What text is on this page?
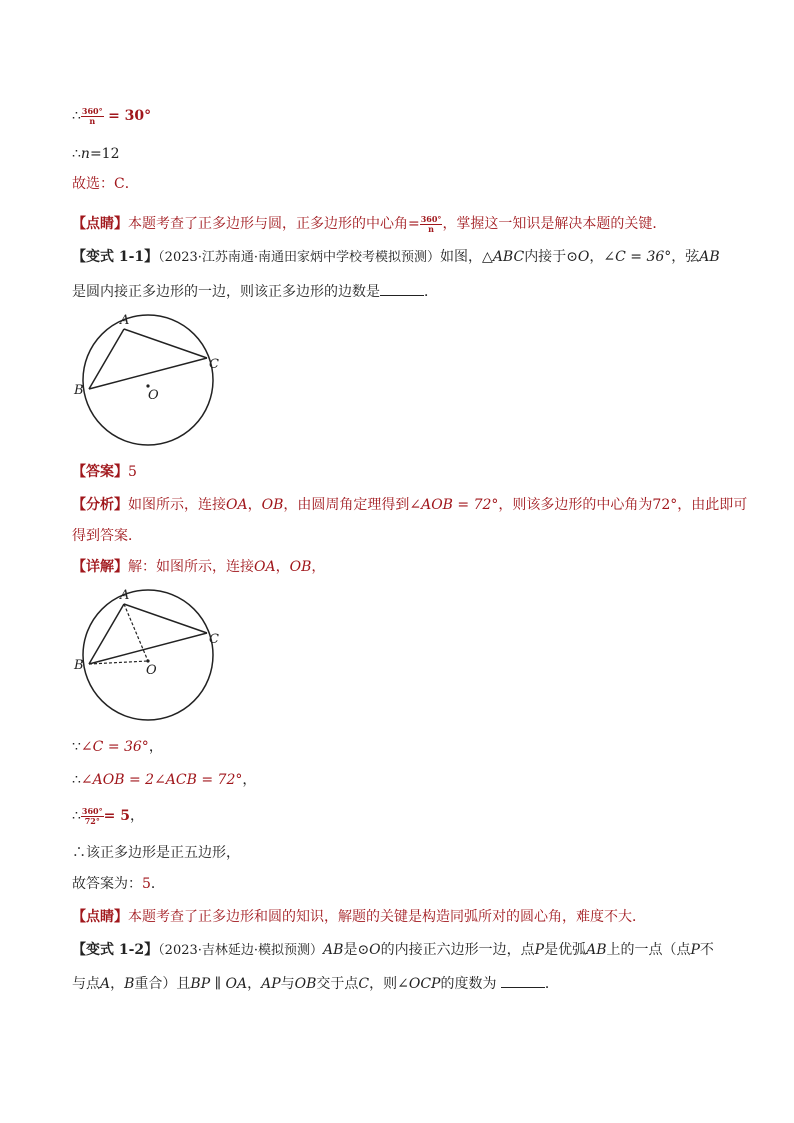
∴ $\frac{360^\circ}{n} = 30^\circ$
∴n=12
故选：C．
【点睛】本题考查了正多边形与圆，正多边形的中心角= $\frac{360^\circ}{n}$ ，掌握这一知识是解决本题的关键．
【变式 1-1】（2023·江苏南通·南通田家炳中学校考模拟预测）如图，△ABC内接于⊙O，∠C = 36°，弦AB
是圆内接正多边形的一边，则该正多边形的边数是	．
A
B
C
O
【答案】5
【分析】如图所示，连接OA，OB，由圆周角定理得到∠AOB = 72°，则该多边形的中心角为72°，由此即可
得到答案．
【详解】解：如图所示，连接OA，OB，
A
B
C
O
∵∠C = 36°，
∴∠AOB = 2∠ACB = 72°，
∴ $\frac{360^\circ}{72^\circ} = 5$，
∴该正多边形是正五边形，
故答案为：5．
【点睛】本题考查了正多边形和圆的知识，解题的关键是构造同弧所对的圆心角，难度不大．
【变式 1-2】（2023·吉林延边·模拟预测）AB是⊙O的内接正六边形一边，点P是优弧AB上的一点（点P不
与点A，B重合）且BP ∥ OA，AP与OB交于点C，则∠OCP的度数为	．
